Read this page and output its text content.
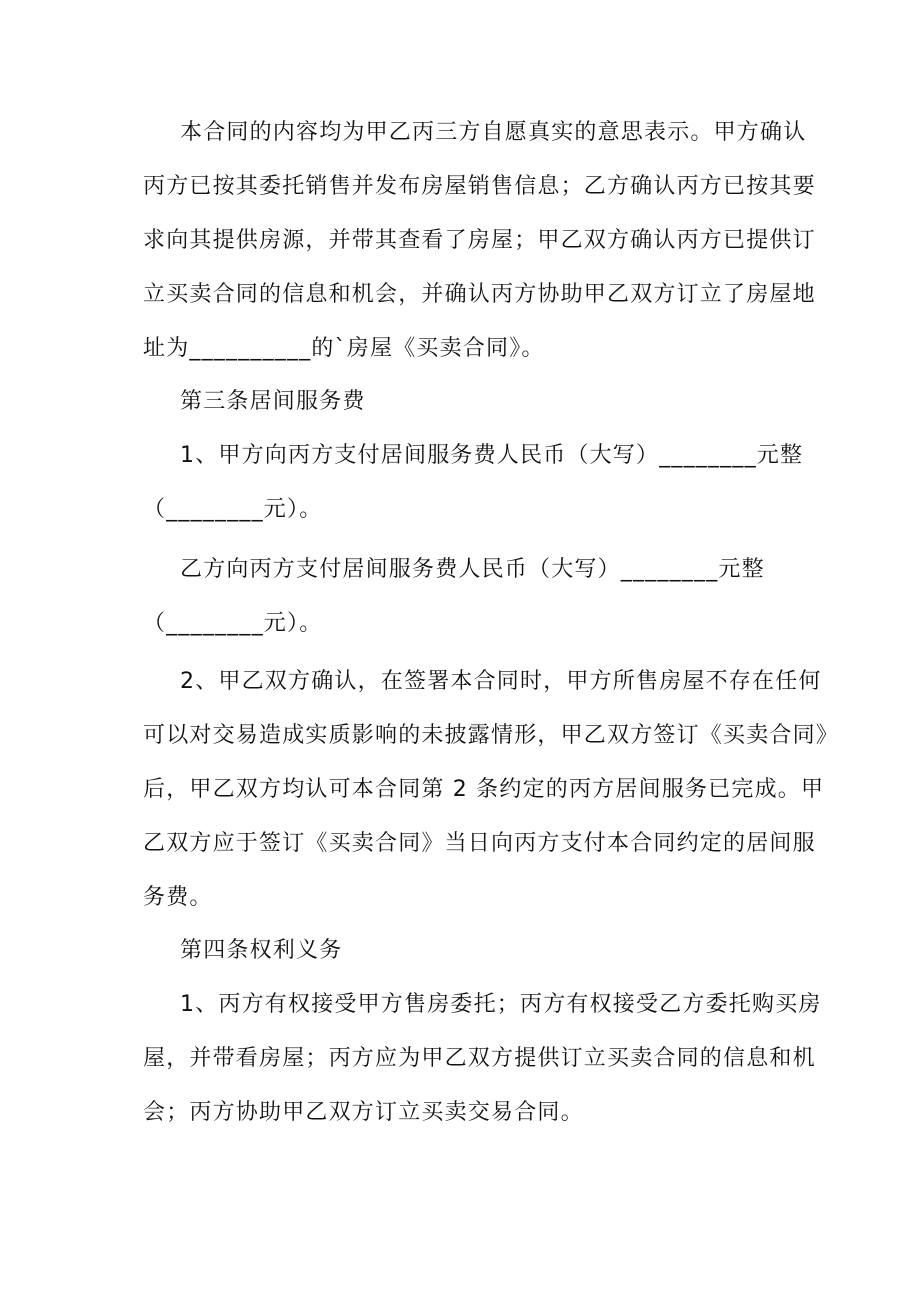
本合同的内容均为甲乙丙三方自愿真实的意思表示。甲方确认

丙方已按其委托销售并发布房屋销售信息；乙方确认丙方已按其要

求向其提供房源，并带其查看了房屋；甲乙双方确认丙方已提供订

立买卖合同的信息和机会，并确认丙方协助甲乙双方订立了房屋地

址为__________的`房屋《买卖合同》。

第三条居间服务费

1、甲方向丙方支付居间服务费人民币（大写）________元整

（________元）。

乙方向丙方支付居间服务费人民币（大写）________元整

（________元）。

2、甲乙双方确认，在签署本合同时，甲方所售房屋不存在任何

可以对交易造成实质影响的未披露情形，甲乙双方签订《买卖合同》

后，甲乙双方均认可本合同第 2 条约定的丙方居间服务已完成。甲

乙双方应于签订《买卖合同》当日向丙方支付本合同约定的居间服

务费。

第四条权利义务

1、丙方有权接受甲方售房委托；丙方有权接受乙方委托购买房

屋，并带看房屋；丙方应为甲乙双方提供订立买卖合同的信息和机

会；丙方协助甲乙双方订立买卖交易合同。
